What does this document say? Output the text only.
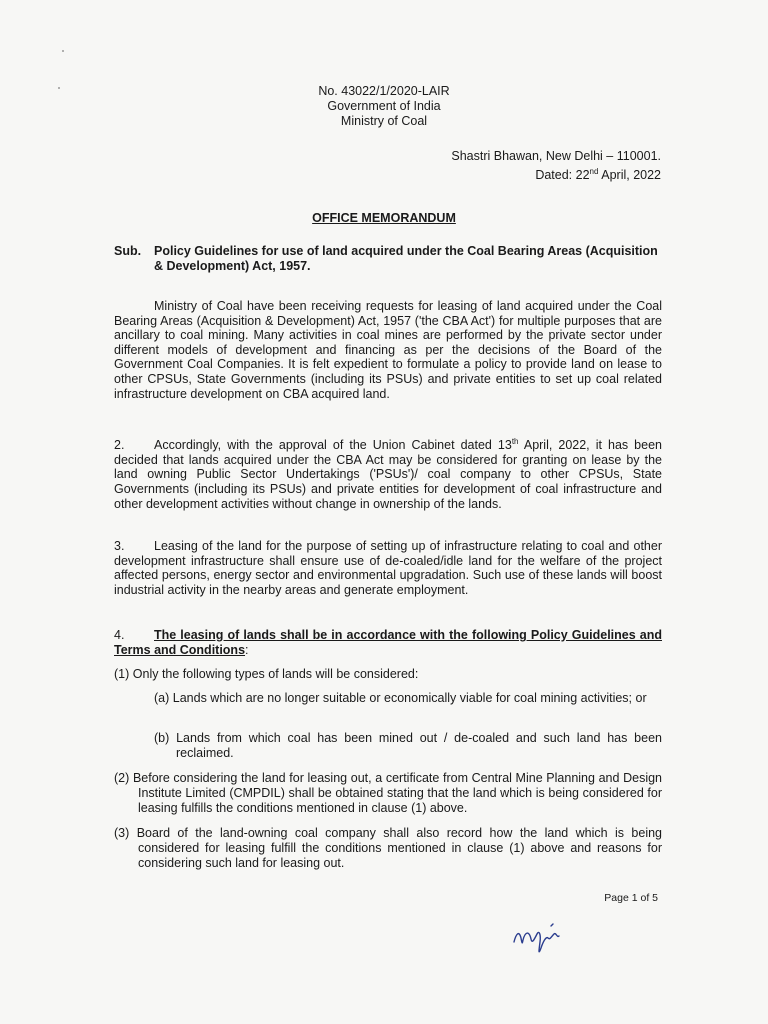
No. 43022/1/2020-LAIR
Government of India
Ministry of Coal
Shastri Bhawan, New Delhi – 110001.
Dated: 22nd April, 2022
OFFICE MEMORANDUM
Sub. Policy Guidelines for use of land acquired under the Coal Bearing Areas (Acquisition & Development) Act, 1957.
Ministry of Coal have been receiving requests for leasing of land acquired under the Coal Bearing Areas (Acquisition & Development) Act, 1957 ('the CBA Act') for multiple purposes that are ancillary to coal mining. Many activities in coal mines are performed by the private sector under different models of development and financing as per the decisions of the Board of the Government Coal Companies. It is felt expedient to formulate a policy to provide land on lease to other CPSUs, State Governments (including its PSUs) and private entities to set up coal related infrastructure development on CBA acquired land.
2. Accordingly, with the approval of the Union Cabinet dated 13th April, 2022, it has been decided that lands acquired under the CBA Act may be considered for granting on lease by the land owning Public Sector Undertakings ('PSUs')/ coal company to other CPSUs, State Governments (including its PSUs) and private entities for development of coal infrastructure and other development activities without change in ownership of the lands.
3. Leasing of the land for the purpose of setting up of infrastructure relating to coal and other development infrastructure shall ensure use of de-coaled/idle land for the welfare of the project affected persons, energy sector and environmental upgradation. Such use of these lands will boost industrial activity in the nearby areas and generate employment.
4. The leasing of lands shall be in accordance with the following Policy Guidelines and Terms and Conditions:
(1) Only the following types of lands will be considered:
(a) Lands which are no longer suitable or economically viable for coal mining activities; or
(b) Lands from which coal has been mined out / de-coaled and such land has been reclaimed.
(2) Before considering the land for leasing out, a certificate from Central Mine Planning and Design Institute Limited (CMPDIL) shall be obtained stating that the land which is being considered for leasing fulfills the conditions mentioned in clause (1) above.
(3) Board of the land-owning coal company shall also record how the land which is being considered for leasing fulfill the conditions mentioned in clause (1) above and reasons for considering such land for leasing out.
Page 1 of 5
